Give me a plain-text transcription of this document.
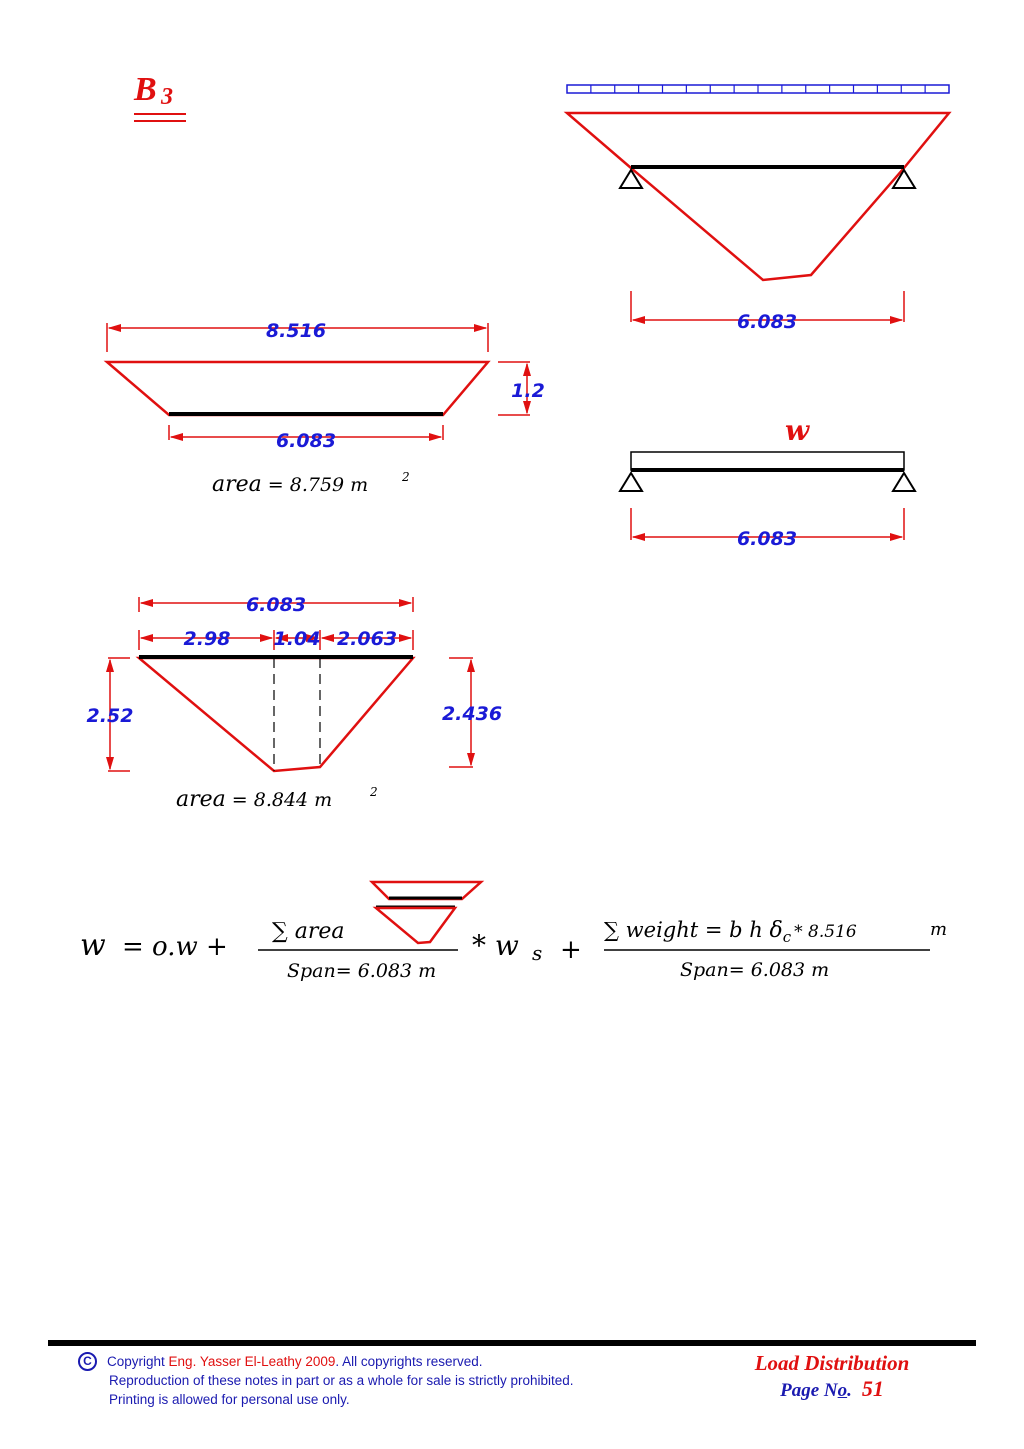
B 3
6.083
8.516
1.2
6.083
area = 8.759 m	2
w
6.083
6.083
2.98 1.04 2.063
2.52	2.436
area = 8.844 m	2
w = o.w +
∑ area
Span= 6.083 m
* w s +
∑ weight = b h $\delta_c$ $^{* 8.516}$	m
Span= 6.083 m
C	Copyright
Eng. Yasser El-Leathy 2009 . All copyrights reserved.
Reproduction of these notes in part or as a whole for sale is strictly prohibited.
Printing is allowed for personal use only.
Load Distribution
Page No. 51
